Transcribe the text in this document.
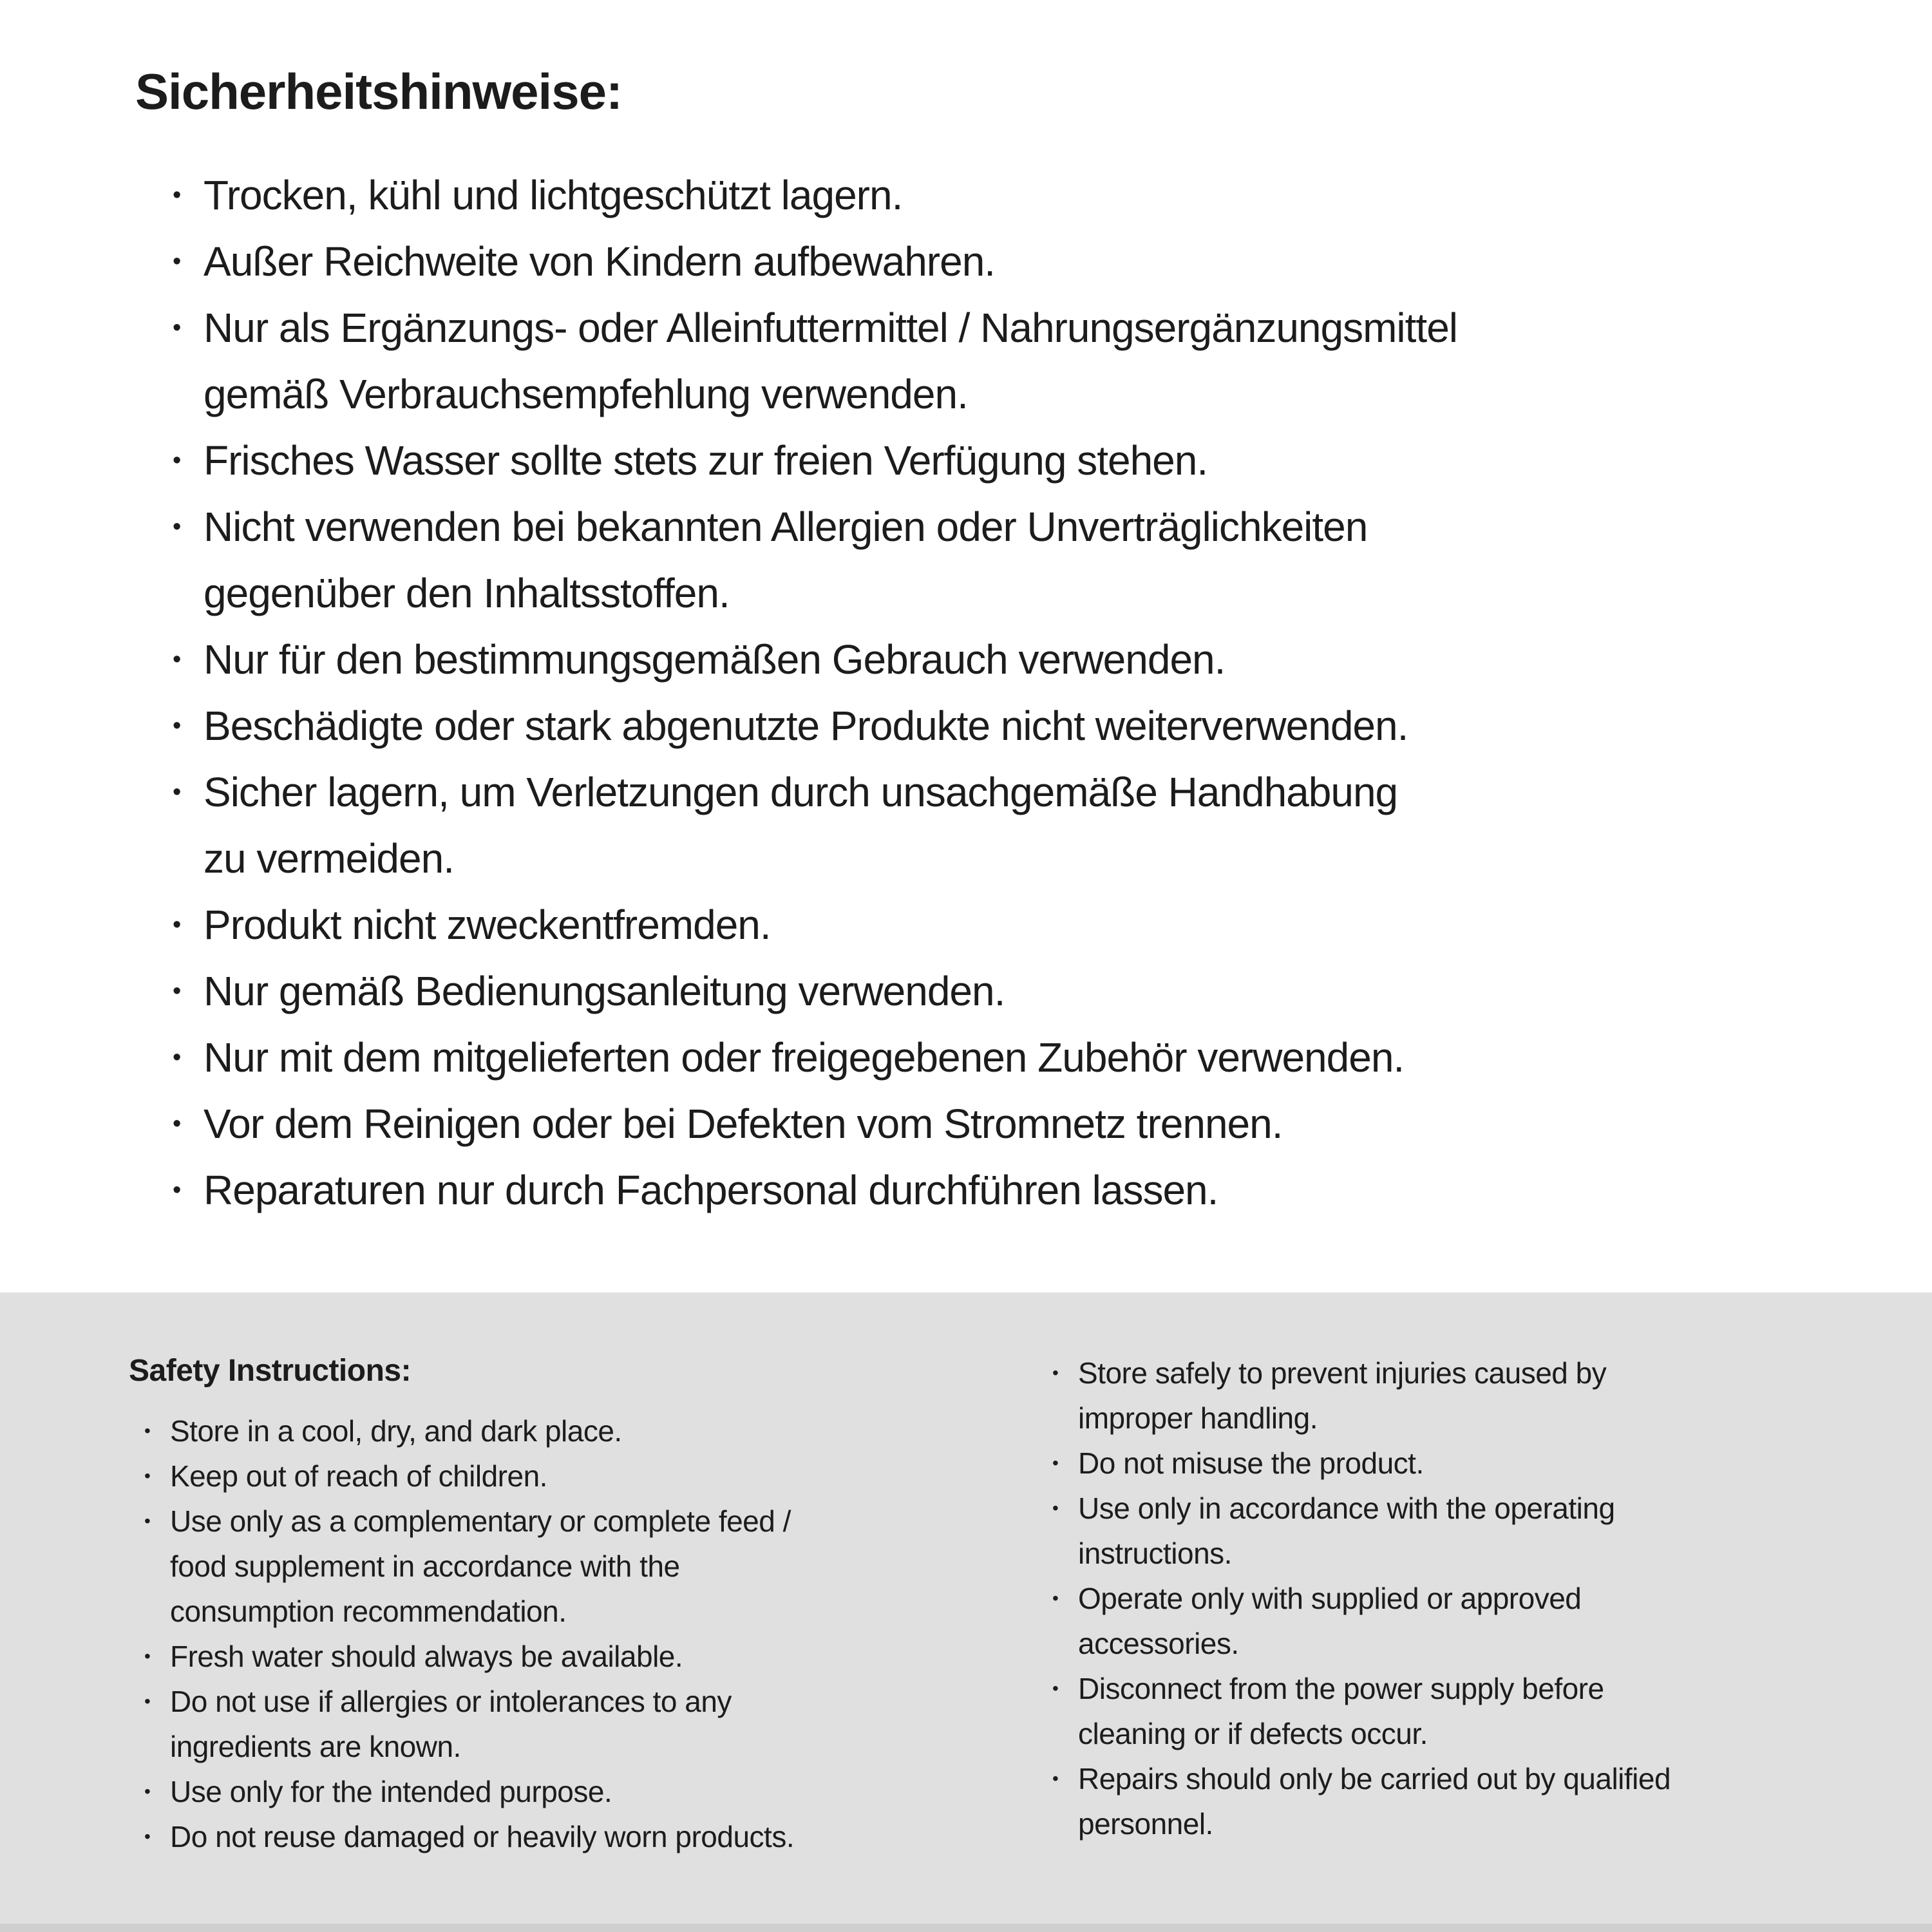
Sicherheitshinweise:
•
Trocken, kühl und lichtgeschützt lagern.
•
Außer Reichweite von Kindern aufbewahren.
•
Nur als Ergänzungs- oder Alleinfuttermittel / Nahrungsergänzungsmittel
gemäß Verbrauchsempfehlung verwenden.
•
Frisches Wasser sollte stets zur freien Verfügung stehen.
•
Nicht verwenden bei bekannten Allergien oder Unverträglichkeiten
gegenüber den Inhaltsstoffen.
•
Nur für den bestimmungsgemäßen Gebrauch verwenden.
•
Beschädigte oder stark abgenutzte Produkte nicht weiterverwenden.
•
Sicher lagern, um Verletzungen durch unsachgemäße Handhabung
zu vermeiden.
•
Produkt nicht zweckentfremden.
•
Nur gemäß Bedienungsanleitung verwenden.
•
Nur mit dem mitgelieferten oder freigegebenen Zubehör verwenden.
•
Vor dem Reinigen oder bei Defekten vom Stromnetz trennen.
•
Reparaturen nur durch Fachpersonal durchführen lassen.
Safety Instructions:
•
Store in a cool, dry, and dark place.
•
Keep out of reach of children.
•
Use only as a complementary or complete feed /
food supplement in accordance with the
consumption recommendation.
•
Fresh water should always be available.
•
Do not use if allergies or intolerances to any
ingredients are known.
•
Use only for the intended purpose.
•
Do not reuse damaged or heavily worn products.
•
Store safely to prevent injuries caused by
improper handling.
•
Do not misuse the product.
•
Use only in accordance with the operating
instructions.
•
Operate only with supplied or approved
accessories.
•
Disconnect from the power supply before
cleaning or if defects occur.
•
Repairs should only be carried out by qualified
personnel.
